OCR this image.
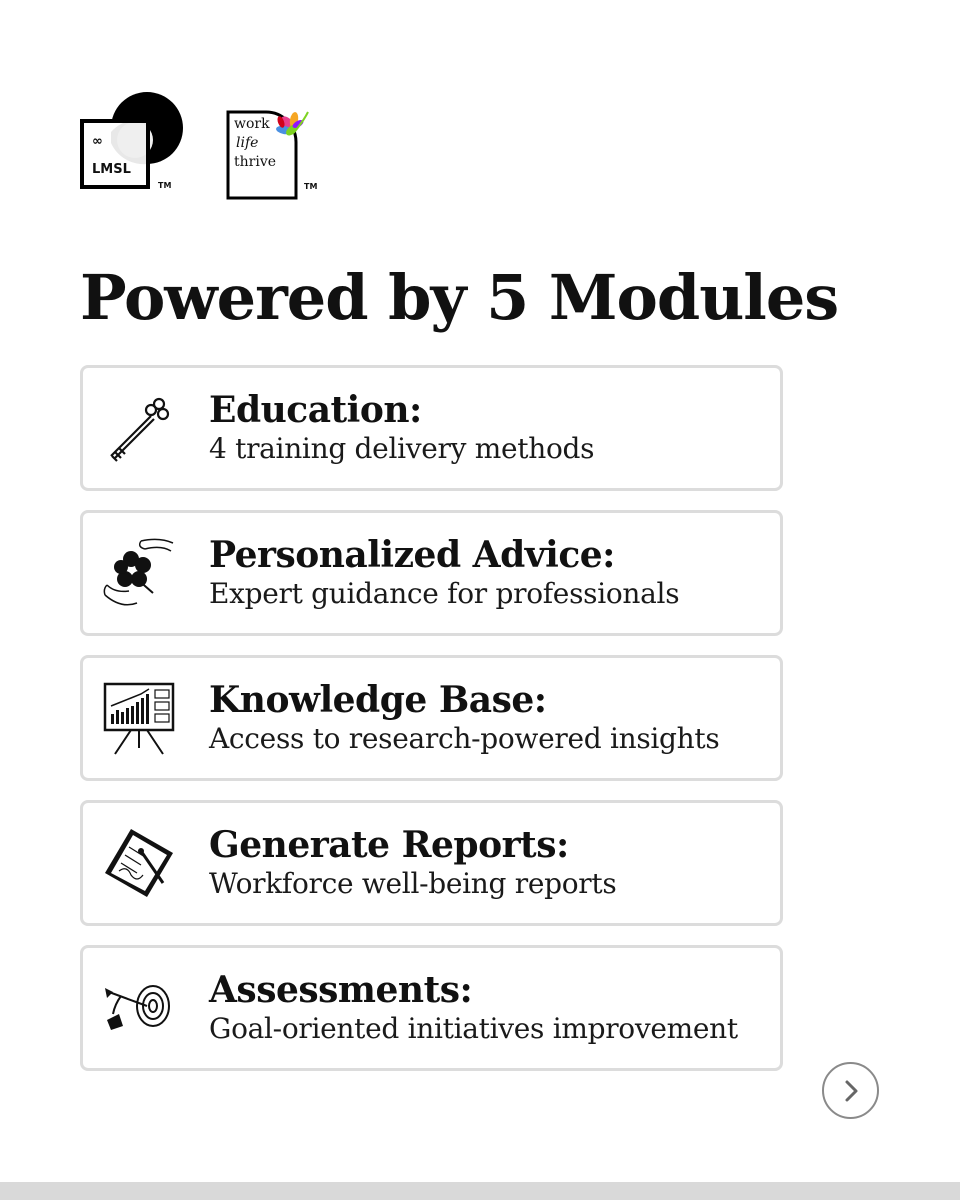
∞
LMSL
TM
work
life
thrive
TM
Powered by 5 Modules
Education:
4 training delivery methods
Personalized Advice:
Expert guidance for professionals
Knowledge Base:
Access to research-powered insights
Generate Reports:
Workforce well-being reports
Assessments:
Goal-oriented initiatives improvement
